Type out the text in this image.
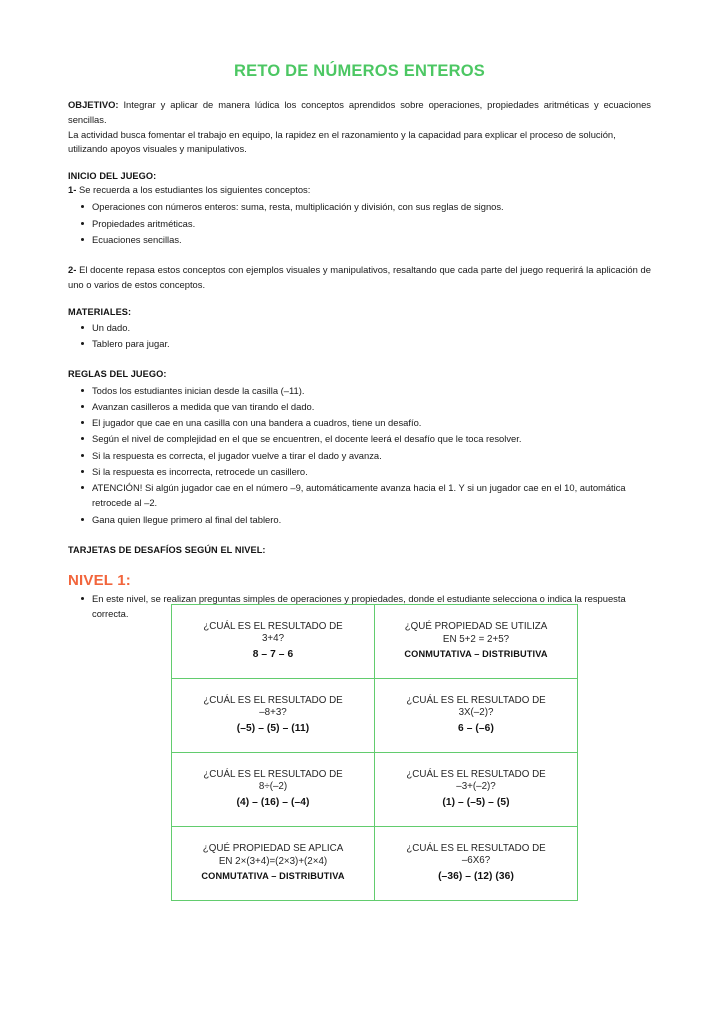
RETO DE NÚMEROS ENTEROS

OBJETIVO: Integrar y aplicar de manera lúdica los conceptos aprendidos sobre operaciones, propiedades aritméticas y ecuaciones sencillas.

La actividad busca fomentar el trabajo en equipo, la rapidez en el razonamiento y la capacidad para explicar el proceso de solución, utilizando apoyos visuales y manipulativos.

INICIO DEL JUEGO:

1- Se recuerda a los estudiantes los siguientes conceptos:

Operaciones con números enteros: suma, resta, multiplicación y división, con sus reglas de signos.
Propiedades aritméticas.
Ecuaciones sencillas.

2- El docente repasa estos conceptos con ejemplos visuales y manipulativos, resaltando que cada parte del juego requerirá la aplicación de uno o varios de estos conceptos.

MATERIALES:

Un dado.
Tablero para jugar.

REGLAS DEL JUEGO:

Todos los estudiantes inician desde la casilla (–11).
Avanzan casilleros a medida que van tirando el dado.
El jugador que cae en una casilla con una bandera a cuadros, tiene un desafío.
Según el nivel de complejidad en el que se encuentren, el docente leerá el desafío que le toca resolver.
Si la respuesta es correcta, el jugador vuelve a tirar el dado y avanza.
Si la respuesta es incorrecta, retrocede un casillero.
ATENCIÓN! Si algún jugador cae en el número –9, automáticamente avanza hacia el 1. Y si un jugador cae en el 10, automática retrocede al –2.
Gana quien llegue primero al final del tablero.

TARJETAS DE DESAFÍOS SEGÚN EL NIVEL:

NIVEL 1:

En este nivel, se realizan preguntas simples de operaciones y propiedades, donde el estudiante selecciona o indica la respuesta correcta.
¿CUÁL ES EL RESULTADO DE
3+4?
8 – 7 – 6

¿QUÉ PROPIEDAD SE UTILIZA
EN 5+2 = 2+5?
CONMUTATIVA – DISTRIBUTIVA

¿CUÁL ES EL RESULTADO DE
–8+3?
(–5) – (5) – (11)

¿CUÁL ES EL RESULTADO DE
3X(–2)?
6 – (–6)

¿CUÁL ES EL RESULTADO DE
8÷(–2)
(4) – (16) – (–4)

¿CUÁL ES EL RESULTADO DE
–3+(–2)?
(1) – (–5) – (5)

¿QUÉ PROPIEDAD SE APLICA
EN 2×(3+4)=(2×3)+(2×4)
CONMUTATIVA – DISTRIBUTIVA

¿CUÁL ES EL RESULTADO DE
–6X6?
(–36) – (12) (36)
